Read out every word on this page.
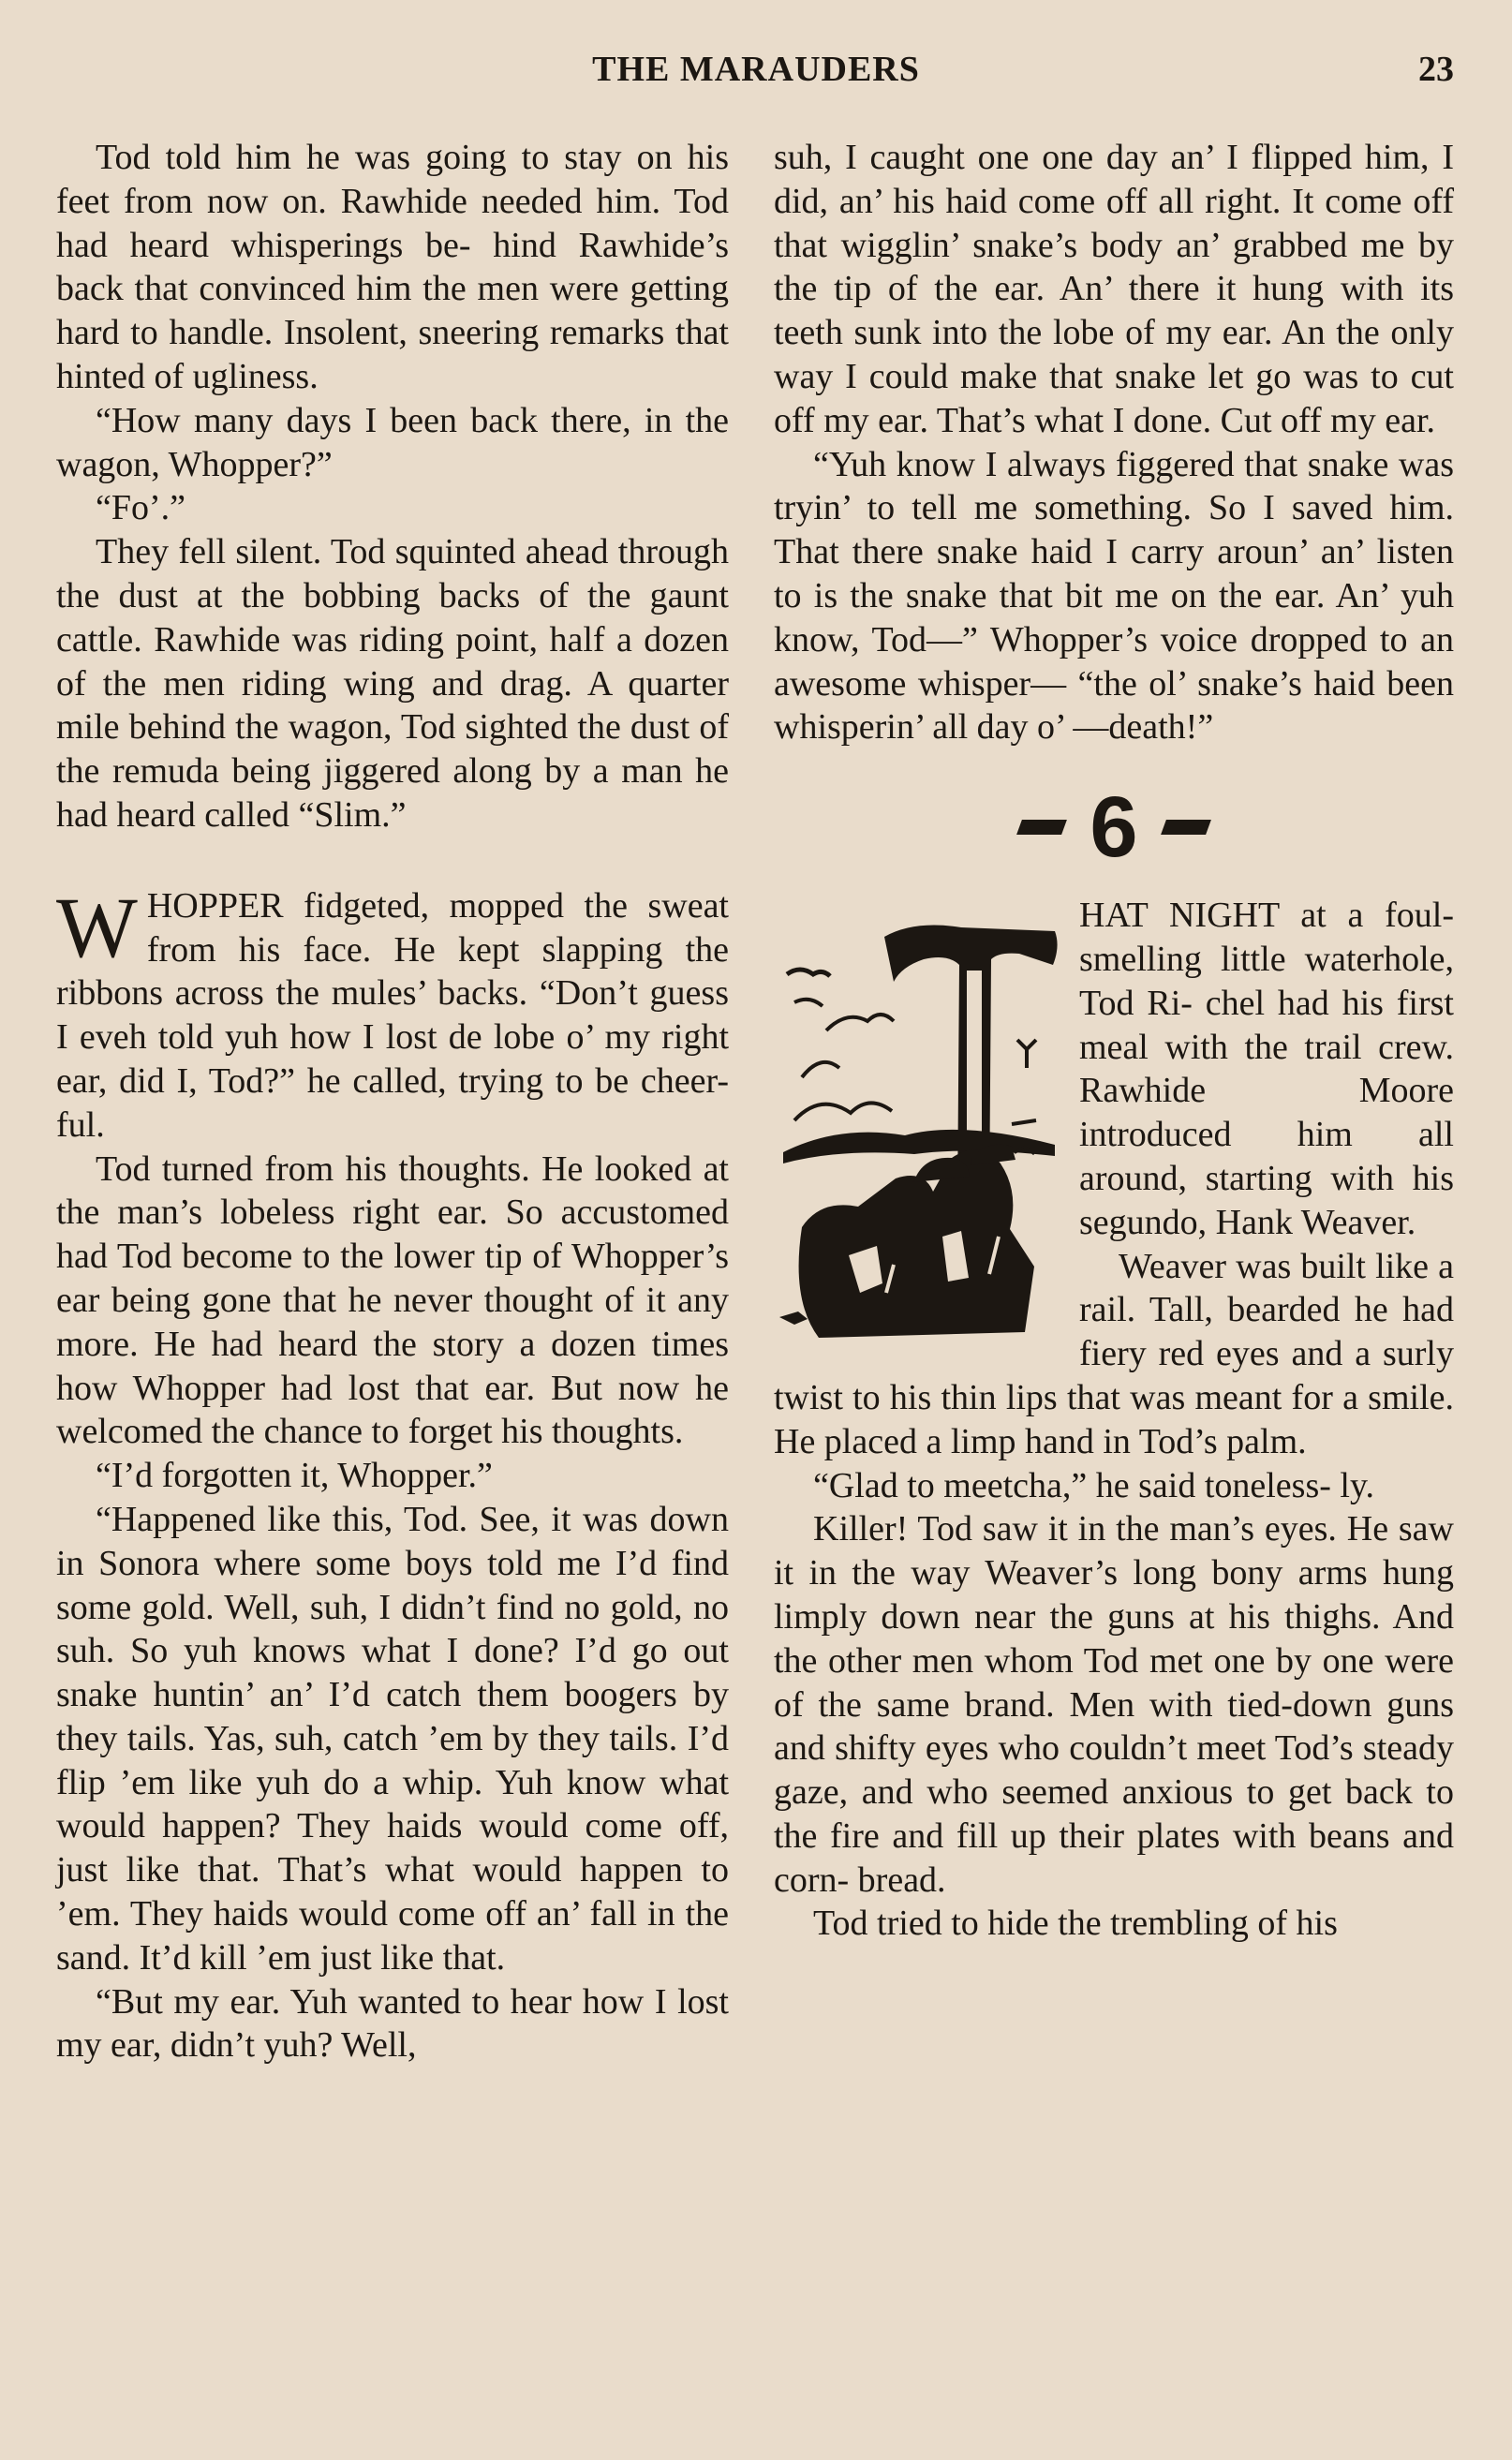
THE MARAUDERS	23

Tod told him he was going to stay on his feet from now on. Rawhide needed him. Tod had heard whisperings be- hind Rawhide’s back that convinced him the men were getting hard to handle. Insolent, sneering remarks that hinted of ugliness.

“How many days I been back there, in the wagon, Whopper?”

“Fo’.”

They fell silent. Tod squinted ahead through the dust at the bobbing backs of the gaunt cattle. Rawhide was riding point, half a dozen of the men riding wing and drag. A quarter mile behind the wagon, Tod sighted the dust of the remuda being jiggered along by a man he had heard called “Slim.”

WHOPPER fidgeted, mopped the sweat from his face. He kept slapping the ribbons across the mules’ backs. “Don’t guess I eveh told yuh how I lost de lobe o’ my right ear, did I, Tod?” he called, trying to be cheer- ful.

Tod turned from his thoughts. He looked at the man’s lobeless right ear. So accustomed had Tod become to the lower tip of Whopper’s ear being gone that he never thought of it any more. He had heard the story a dozen times how Whopper had lost that ear. But now he welcomed the chance to forget his thoughts.

“I’d forgotten it, Whopper.”

“Happened like this, Tod. See, it was down in Sonora where some boys told me I’d find some gold. Well, suh, I didn’t find no gold, no suh. So yuh knows what I done? I’d go out snake huntin’ an’ I’d catch them boogers by they tails. Yas, suh, catch ’em by they tails. I’d flip ’em like yuh do a whip. Yuh know what would happen? They haids would come off, just like that. That’s what would happen to ’em. They haids would come off an’ fall in the sand. It’d kill ’em just like that.

“But my ear. Yuh wanted to hear how I lost my ear, didn’t yuh? Well,

suh, I caught one one day an’ I flipped him, I did, an’ his haid come off all right. It come off that wigglin’ snake’s body an’ grabbed me by the tip of the ear. An’ there it hung with its teeth sunk into the lobe of my ear. An the only way I could make that snake let go was to cut off my ear. That’s what I done. Cut off my ear.

“Yuh know I always figgered that snake was tryin’ to tell me something. So I saved him. That there snake haid I carry aroun’ an’ listen to is the snake that bit me on the ear. An’ yuh know, Tod—” Whopper’s voice dropped to an awesome whisper— “the ol’ snake’s haid been whisperin’ all day o’ —death!”

6

HAT NIGHT at a foul-smelling little waterhole, Tod Ri- chel had his first meal with the trail crew. Rawhide Moore introduced him all around, starting with his segundo, Hank Weaver.

Weaver was built like a rail. Tall, bearded he had fiery red eyes and a surly twist to his thin lips that was meant for a smile. He placed a limp hand in Tod’s palm.

“Glad to meetcha,” he said toneless- ly.

Killer! Tod saw it in the man’s eyes. He saw it in the way Weaver’s long bony arms hung limply down near the guns at his thighs. And the other men whom Tod met one by one were of the same brand. Men with tied-down guns and shifty eyes who couldn’t meet Tod’s steady gaze, and who seemed anxious to get back to the fire and fill up their plates with beans and corn- bread.

Tod tried to hide the trembling of his
